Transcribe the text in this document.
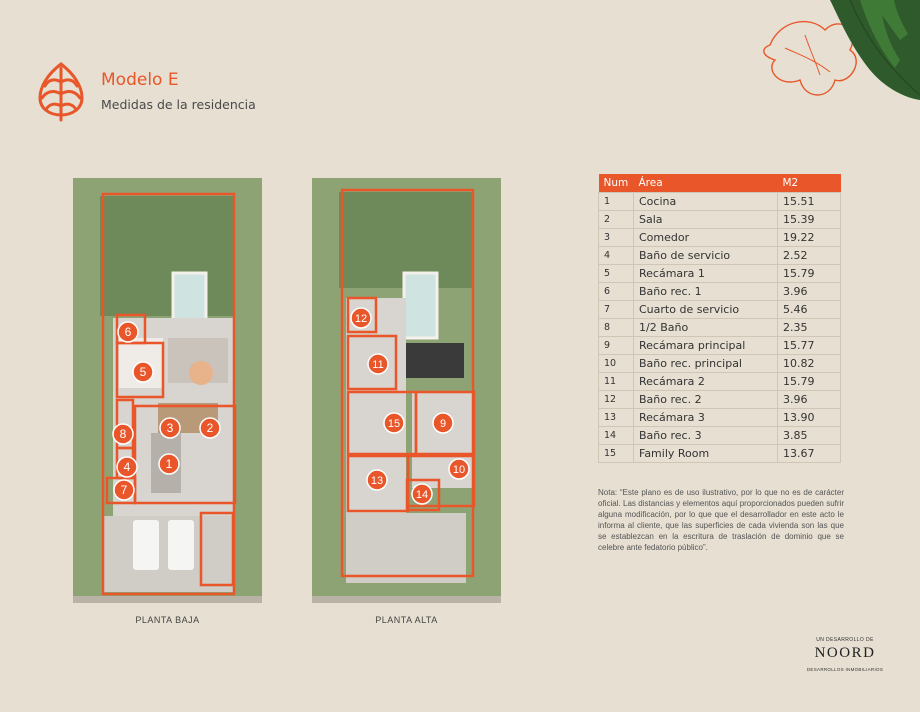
Modelo E
Medidas de la residencia
6
5
8
4
7
3	2
1
PLANTA BAJA
12
11
15	9
13
10
14
PLANTA ALTA
Num	Área	M2
1	Cocina	15.51
2	Sala	15.39
3	Comedor	19.22
4	Baño de servicio	2.52
5	Recámara 1	15.79
6	Baño rec. 1	3.96
7	Cuarto de servicio	5.46
8	1/2 Baño	2.35
9	Recámara principal	15.77
10	Baño rec. principal	10.82
11	Recámara 2	15.79
12	Baño rec. 2	3.96
13	Recámara 3	13.90
14	Baño rec. 3	3.85
15	Family Room	13.67
Nota: “Este plano es de uso ilustrativo, por lo que no es de carácter oficial. Las distancias y elementos aquí proporcionados pueden sufrir alguna modificación, por lo que que el desarrollador en este acto le informa al cliente, que las superficies de cada vivienda son las que se establezcan en la escritura de traslación de dominio que se celebre ante fedatorio público”.
UN DESARROLLO DE
NOORD
DESARROLLOS INMOBILIARIOS
